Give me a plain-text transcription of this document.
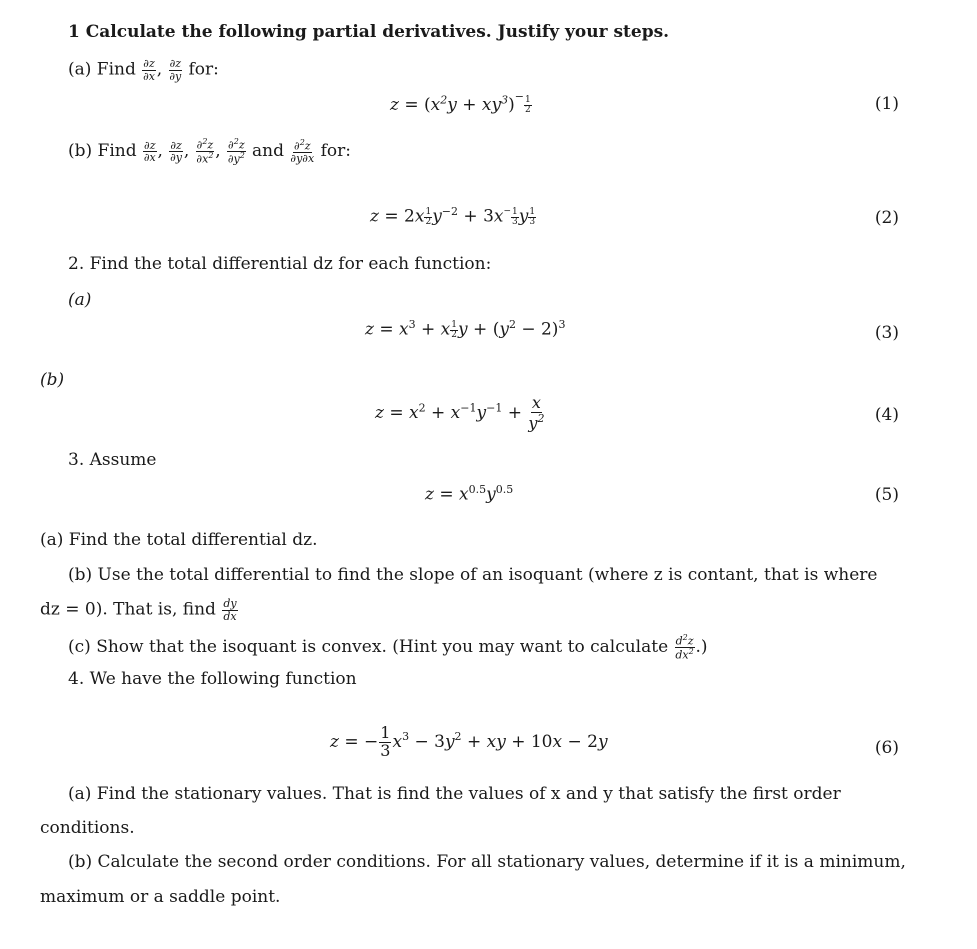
1 Calculate the following partial derivatives. Justify your steps.
(a) Find $\frac{\partial z}{\partial x}$ , $\frac{\partial z}{\partial y}$ for:
$z = (x^2y + xy^3)^- \frac{1}{2}$	(1)
(b) Find $\frac{\partial z}{\partial x}$ , $\frac{\partial z}{\partial y}$ , $\frac{\partial^2z}{\partial x^2}$ , $\frac{\partial^2z}{\partial y^2}$ and $\frac{\partial^2z}{\partial y\partial x}$ for:
$z = 2x \frac{1}{2} y^{-2} + 3x^- \frac{1}{3}$ y $\frac{1}{3}$	(2)
2. Find the total differential dz for each function:
(a)
$z = x^3 + x \frac{1}{2}$ $y + (y^2 - 2)^3$	(3)
(b)
$z = x^2 + x^{-1}y^{-1} + \frac{x}{y^2}$	(4)
3. Assume
$z = x^{0.5}y^{0.5}$	(5)
(a) Find the total differential dz.
(b) Use the total differential to find the slope of an isoquant (where z is contant, that is where
dz = 0). That is, find $\frac{dy}{dx}$
(c) Show that the isoquant is convex. (Hint you may want to calculate $\frac{d^2z}{dx^2}$ .)
4. We have the following function
z = − $\frac{1}{3} x^3 - 3y^2$ + xy + 10x − 2y	(6)
(a) Find the stationary values. That is find the values of x and y that satisfy the first order
conditions.
(b) Calculate the second order conditions. For all stationary values, determine if it is a minimum,
maximum or a saddle point.
